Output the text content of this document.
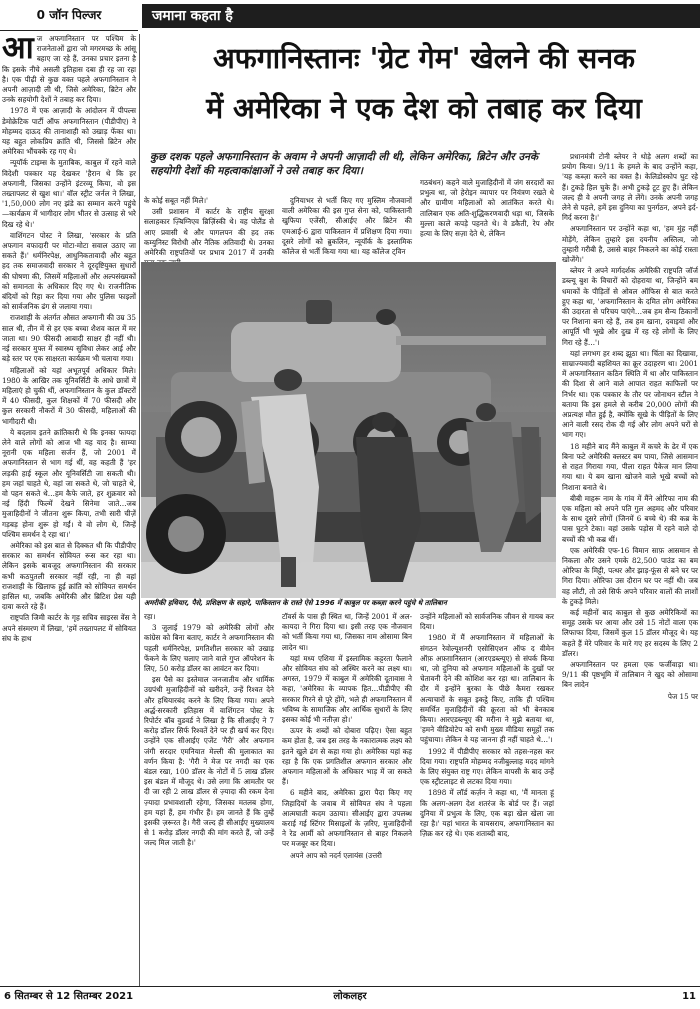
0 जॉन पिल्जर	जमाना कहता है
आ ज अफगानिस्तान पर पश्चिम के राजनेताओं द्वारा जो मगरमच्छ के आंसू बहाए जा रहे हैं, उनका प्रचार इतना है कि इसके नीचे असली इतिहास दबा ही रह जा रहा है। एक पीढ़ी से कुछ वक्त पहले अफगानिस्तान ने अपनी आज़ादी ली थी, जिसे अमेरिका, ब्रिटेन और उनके सहयोगी देशों ने तबाह कर दिया।

1978 में एक आज़ादी के आंदोलन में पीपल्स डेमोक्रेटिक पार्टी ऑफ अफगानिस्तान (पीडीपीए) ने मोहम्मद दाऊद की तानाशाही को उखाड़ फेंका था। यह बहुत लोकप्रिय क्रांति थी, जिससे ब्रिटेन और अमेरिका भौंचक्के रह गए थे।

न्यूयॉर्क टाइम्स के मुताबिक, काबुल में रहने वाले विदेशी पत्रकार यह देखकर 'हैरान थे कि हर अफगानी, जिसका उन्होंने इंटरव्यू किया, वो इस तख्तापलट से खुश था।' वॉल स्ट्रीट जर्नल ने लिखा, '1,50,000 लोग नए झंडे का सम्मान करने पहुंचे—कार्यक्रम में भागीदार लोग भीतर से उत्साह से भरे दिख रहे थे।'

वाशिंगटन पोस्ट ने लिखा, 'सरकार के प्रति अफगान वफादारी पर मोटा-मोटा सवाल उठाए जा सकते हैं।' धर्मनिरपेक्ष, आधुनिकतावादी और बहुत हद तक समाजवादी सरकार ने दूरदृष्टियुक्त सुधारों की घोषणा की, जिसमें महिलाओं और अल्पसंख्यकों को समानता के अधिकार दिए गए थे। राजनीतिक बंदियों को रिहा कर दिया गया और पुलिस फाइलों को सार्वजनिक ढंग से जलाया गया।

राजशाही के अंतर्गत औसत अफगानी की उम्र 35 साल थी, तीन में से हर एक बच्चा शैशव काल में मर जाता था। 90 फीसदी आबादी साक्षर ही नहीं थी। नई सरकार मुफ्त में स्वास्थ्य सुविधा लेकर आई और बड़े स्तर पर एक साक्षरता कार्यक्रम भी चलाया गया।

महिलाओं को यहां अभूतपूर्व अधिकार मिले। 1980 के आखिर तक यूनिवर्सिटी के आधे छात्रों में महिलाएं हो चुकी थीं, अफगानिस्तान के कुल डॉक्टरों में 40 फीसदी, कुल शिक्षकों में 70 फीसदी और कुल सरकारी नौकरों में 30 फीसदी, महिलाओं की भागीदारी थी।

ये बदलाव इतने क्रांतिकारी थे कि इनका फायदा लेने वाले लोगों को आज भी यह याद है। साम्या नूरानी एक महिला सर्जन हैं, जो 2001 में अफगानिस्तान से भाग गई थीं, वह कहती हैं 'हर लड़की हाई स्कूल और यूनिवर्सिटी जा सकती थी। हम जहां चाहते थे, वहां जा सकते थे, जो चाहते थे, वो पहन सकते थे…हम कैफे जाते, हर शुक्रवार को नई हिंदी फिल्में देखने सिनेमा जाते…जब मुजाहिदीनों ने जीतना शुरू किया, तभी सारी चीज़ें गड़बड़ होना शुरू हो गईं। ये वो लोग थे, जिन्हें पश्चिम समर्थन दे रहा था।'

अमेरिका को इस बात से दिक्कत थी कि पीडीपीए सरकार का समर्थन सोवियत रूस कर रहा था। लेकिन इसके बावजूद अफगानिस्तान की सरकार कभी कठपुतली सरकार नहीं रही, ना ही वहां राजशाही के खिलाफ हुई क्रांति को सोवियत समर्थन हासिल था, जबकि अमेरिकी और ब्रिटिश प्रेस यही दावा करते रहे हैं।

राष्ट्रपति जिमी कार्टर के गृह सचिव साइरस वेंस ने अपने संस्मरण में लिखा, 'हमें तख्तापलट में सोवियत संघ के हाथ

अफगानिस्तानः 'ग्रेट गेम' खेलने की सनक
में अमेरिका ने एक देश को तबाह कर दिया

कुछ दशक पहले अफगानिस्तान के अवाम ने अपनी आज़ादी ली थी, लेकिन अमेरिका, ब्रिटेन और उनके सहयोगी देशों की महत्वाकांक्षाओं ने उसे तबाह कर दिया।

के कोई सबूत नहीं मिले।'

उसी प्रशासन में कार्टर के राष्ट्रीय सुरक्षा सलाहकार ज़्बिग्निएव ब्रिज़िंस्की थे। वह पोलैंड से आए प्रवासी थे और पागलपन की हद तक कम्युनिस्ट विरोधी और नैतिक अतिवादी थे। उनका अमेरिकी राष्ट्रपतियों पर प्रभाव 2017 में उनकी

दुनियाभर से भर्ती किए गए मुस्लिम नौजवानों वाली अमेरिका की इस गुप्त सेना को, पाकिस्तानी खुफिया एजेंसी, सीआईए और ब्रिटेन की एमआई-6 द्वारा पाकिस्तान में प्रशिक्षण दिया गया। दूसरे लोगों को ब्रुकलिन, न्यूयॉर्क के इस्लामिक कॉलेज से भर्ती किया गया था। यह कॉलेज ट्विन

गठबंधन) कहने वाले मुजाहिदीनों में जंग सरदारों का प्रभुत्व था, जो हेरोइन व्यापार पर नियंत्रण रखते थे और ग्रामीण महिलाओं को आतंकित करते थे। तालिबान एक अति-शुद्धिकरणवादी धड़ा था, जिसके मुल्ला काले कपड़े पहनते थे। वे डकैती, रेप और हत्या के लिए सज़ा देते थे, लेकिन

अमरीकी हथियार, पैसे, प्रशिक्षण के सहारे, पाकिस्तान के रास्ते ऐसे 1996 में काबुल पर कब्ज़ा करने पहुंचे थे तालिबान

रहा।

3 जुलाई 1979 को अमेरिकी लोगों और कांग्रेस को बिना बताए, कार्टर ने अफगानिस्तान की पहली धर्मनिरपेक्ष, प्रगतिशील सरकार को उखाड़ फेंकने के लिए चलाए जाने वाले गुप्त ऑपरेशन के लिए, 50 करोड़ डॉलर का आवंटन कर दिया।

इस पैसे का इस्तेमाल जनजातीय और धार्मिक उग्रपंथी मुजाहिदीनों को खरीदने, उन्हें रिश्वत देने और हथियारबंद करने के लिए किया गया। अपने अर्द्ध-सरकारी इतिहास में वाशिंगटन पोस्ट के रिपोर्टर बॉब वुडवर्ड ने लिखा है कि सीआईए ने 7 करोड़ डॉलर सिर्फ रिश्वतें देने पर ही खर्च कर दिए। उन्होंने एक सीआईए एजेंट 'गैरी' और अफगान जंगी सरदार एमनियात मेल्ली की मुलाकात का वर्णन किया है: 'गैरी ने मेज पर नगदी का एक बंडल रखा, 100 डॉलर के नोटों में 5 लाख डॉलर इस बंडल में मौजूद थे। उसे लगा कि आमतौर पर दी जा रही 2 लाख डॉलर से ज़्यादा की रकम देना ज़्यादा प्रभावशाली रहेगा, जिसका मतलब होगा, हम यहां हैं, हम गंभीर हैं। हम जानते हैं कि तुम्हें इसकी ज़रूरत है। गैरी जल्द ही सीआईए मुख्यालय से 1 करोड़ डॉलर नगदी की मांग करते हैं, जो उन्हें जल्द मिल जाती है।'

टॉवर्स के पास ही स्थित था, जिन्हें 2001 में अल-कायदा ने गिरा दिया था। इसी तरह एक नौजवान को भर्ती किया गया था, जिसका नाम ओसामा बिन लादेन था।

यहां मध्य एशिया में इस्लामिक कट्टरता फैलाने और सोवियत संघ को अस्थिर करने का लक्ष्य था। अगस्त, 1979 में काबुल में अमेरिकी दूतावास ने कहा, 'अमेरिका के व्यापक हित…पीडीपीए की सरकार गिरने से पूरे होंगे, भले ही अफगानिस्तान में भविष्य के सामाजिक और आर्थिक सुधारों के लिए इसका कोई भी नतीज़ा हो।'

ऊपर के शब्दों को दोबारा पढ़िए। ऐसा बहुत कम होता है, जब इस तरह के नकारात्मक लक्ष्य को इतने खुले ढंग से कहा गया हो। अमेरिका यहां कह रहा है कि एक प्रगतिशील अफगान सरकार और अफगान महिलाओं के अधिकार भाड़ में जा सकते हैं।

6 महीने बाद, अमेरिका द्वारा पैदा किए गए जिहादियों के जवाब में सोवियत संघ ने पहला आत्मघाती कदम उठाया। सीआईए द्वारा उपलब्ध कराई गई स्टिंगर मिसाइलों के ज़रिए, मुजाहिदीनों ने रेड आर्मी को अफगानिस्तान से बाहर निकलने पर मजबूर कर दिया।

अपने आप को नदर्न एलायंस (उत्तरी

उन्होंने महिलाओं को सार्वजनिक जीवन से गायब कर दिया।

1980 में मैं अफगानिस्तान में महिलाओं के संगठन रेवोल्यूशनरी एसोसिएशन ऑफ द वीमेन ऑफ़ अफ़ग़ानिस्तान (आरएडब्ल्यूए) से संपर्क किया था, जो दुनिया को अफगान महिलाओं के दुखों पर चेतावनी देने की कोशिश कर रहा था। तालिबान के दौर में इन्होंने बुरका के पीछे कैमरा रखकर अत्याचारों के सबूत इकट्ठे किए, ताकि ही पश्चिम समर्थित मुजाहिदीनों की क्रूरता को भी बेनकाब किया। आरएडब्ल्यूए की मरीना ने मुझे बताया था, 'हमने वीडियोटेप को सभी मुख्य मीडिया समूहों तक पहुंचाया। लेकिन वे यह जानना ही नहीं चाहते थे…'।

1992 में पीडीपीए सरकार को तहस-नहस कर दिया गया। राष्ट्रपति मोहम्मद नजीबुल्लाह मदद मांगने के लिए संयुक्त राष्ट्र गए। लेकिन वापसी के बाद उन्हें एक स्ट्रीटलाइट से लटका दिया गया।

1898 में लॉर्ड कर्ज़न ने कहा था, 'मैं मानता हूं कि अलग-अलग देश शतरंज के बोर्ड पर हैं। जहां दुनिया में प्रभुत्व के लिए, एक बड़ा खेल खेला जा रहा है।' यहां भारत के वायसराय, अफगानिस्तान का ज़िक्र कर रहे थे। एक शताब्दी बाद,

प्रधानमंत्री टोनी ब्लेयर ने थोड़े अलग शब्दों का प्रयोग किया। 9/11 के हमले के बाद उन्होंने कहा, 'यह कब्ज़ा करने का वक्त है। केलिडोस्कोप घुट रहे हैं। टुकड़े हिल चुके हैं। अभी टुकड़े टूट हुए हैं। लेकिन जल्द ही वे अपनी जगह ले लेंगे। उनके अपनी जगह लेने से पहले, हमें इस दुनिया का पुनर्गठन, अपने इर्द-गिर्द करना है।'

अफगानिस्तान पर उन्होंने कहा था, 'हम मुंह नहीं मोड़ेंगे, लेकिन तुम्हारे इस दयनीय अस्तित्व, जो तुम्हारी गरीबी है, उससे बाहर निकलने का कोई रास्ता खोजेंगे।'

ब्लेयर ने अपने मार्गदर्शक अमेरिकी राष्ट्रपति जॉर्ज डब्ल्यू बुश के विचारों को दोहराया था, जिन्होंने बम धमाकों के पीड़ितों से ओवल ऑफिस से बात करते हुए कहा था, 'अफगानिस्तान के दमित लोग अमेरिका की उदारता से परिचय पाएंगे…जब हम सैन्य ठिकानों पर निशाना बना रहे हैं, तब हम खाना, दवाइयां और आपूर्ति भी भूखे और दुख में रह रहे लोगों के लिए गिरा रहे हैं…'।

यहां लगभग हर शब्द झूठा था। चिंता का दिखावा, साम्राज्यवादी बहशियत का क्रूर उदाहरण था। 2001 में अफगानिस्तान कठिन स्थिति में था और पाकिस्तान की दिशा से आने वाले आपात राहत काफिलों पर निर्भर था। एक पत्रकार के तौर पर जोनाथन स्टील ने बताया कि इस हमले से करीब 20,000 लोगों की अप्रत्यक्ष मौत हुई है, क्योंकि सूखे के पीड़ितों के लिए आने वाली रसद रोक दी गई और लोग अपने घरों से भाग गए।

18 महीने बाद मैंने काबुल में कचरे के ढेर में एक बिना फटे अमेरिकी क्लस्टर बम पाया, जिसे आसमान से राहत गिराया गया, पीला राहत पैकेज मान लिया गया था। ये बम खाना खोजने वाले भूखे बच्चों को निशाना बनाते थे।

बीबी माहरू नाम के गांव में मैंने ओरिफा नाम की एक महिला को अपने पति गुल अहमद और परिवार के साथ दूसरे लोगों (जिनमें 6 बच्चे थे) की कब्र के पास घुटने टेका। वहां उसके पड़ोस में रहने वाले दो बच्चों की भी कब्र थीं।

एक अमेरिकी एफ-16 विमान साफ़ आसमान से निकला और उसने एमके 82,500 पाउंड का बम ओरिफा के मिट्टी, पत्थर और झाड़-फूंस से बने घर पर गिरा दिया। ओरिफा उस दौरान घर पर नहीं थी। जब वह लौटी, तो उसे सिर्फ अपने परिवार वालों की लाशों के टुकड़े मिले।

कई महीनों बाद काबुल से कुछ अमेरिकियों का समूह उसके घर आया और उसे 15 नोटों वाला एक लिफाफा दिया, जिसमें कुल 15 डॉलर मौजूद थे। यह कहते हैं मेरे परिवार के मारे गए हर सदस्य के लिए 2 डॉलर।

अफगानिस्तान पर हमला एक फर्जीवाड़ा था। 9/11 की पृष्ठभूमि में तालिबान ने खुद को ओसामा बिन लादेन

पेज 15 पर

6 सितम्बर से 12 सितम्बर 2021	लोकलहर	11
